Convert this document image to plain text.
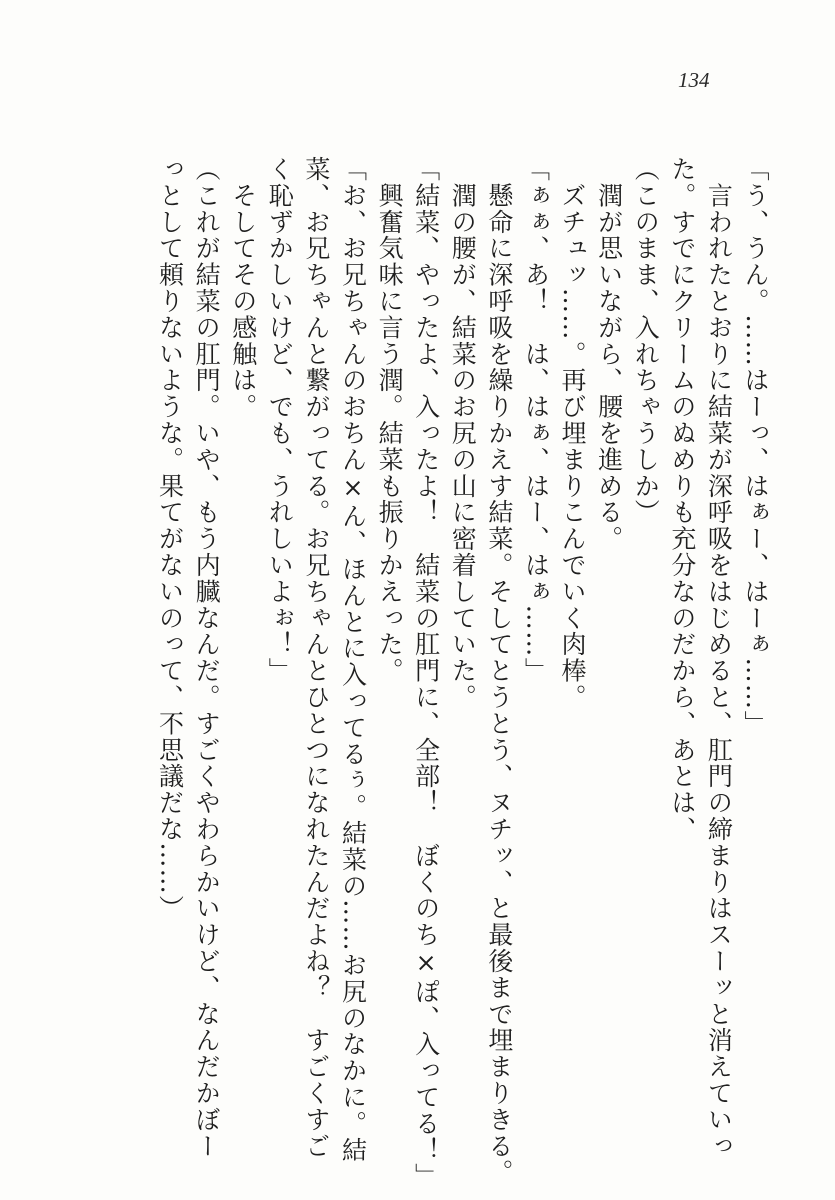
134

「う、うん。……はーっ、はぁー、はーぁ……」

　言われたとおりに結菜が深呼吸をはじめると、肛門の締まりはスーッと消えていっ

た。すでにクリームのぬめりも充分なのだから、あとは、

（このまま、入れちゃうしか）

　潤が思いながら、腰を進める。

　ズチュッ……。再び埋まりこんでいく肉棒。

「ぁぁ、あ！　は、はぁ、はー、はぁ……」

　懸命に深呼吸を繰りかえす結菜。そしてとうとう、ヌチッ、と最後まで埋まりきる。

　潤の腰が、結菜のお尻の山に密着していた。

「結菜、やったよ、入ったよ！　結菜の肛門に、全部！　ぼくのち×ぽ、入ってる！」

　興奮気味に言う潤。結菜も振りかえった。

「お、お兄ちゃんのおちん×ん、ほんとに入ってるぅ。結菜の……お尻のなかに。結

菜、お兄ちゃんと繋がってる。お兄ちゃんとひとつになれたんだよね？　すごくすご

く恥ずかしいけど、でも、うれしいよぉ！」

　そしてその感触は。

（これが結菜の肛門。いや、もう内臓なんだ。すごくやわらかいけど、なんだかぼー

っとして頼りないような。果てがないのって、不思議だな……）
